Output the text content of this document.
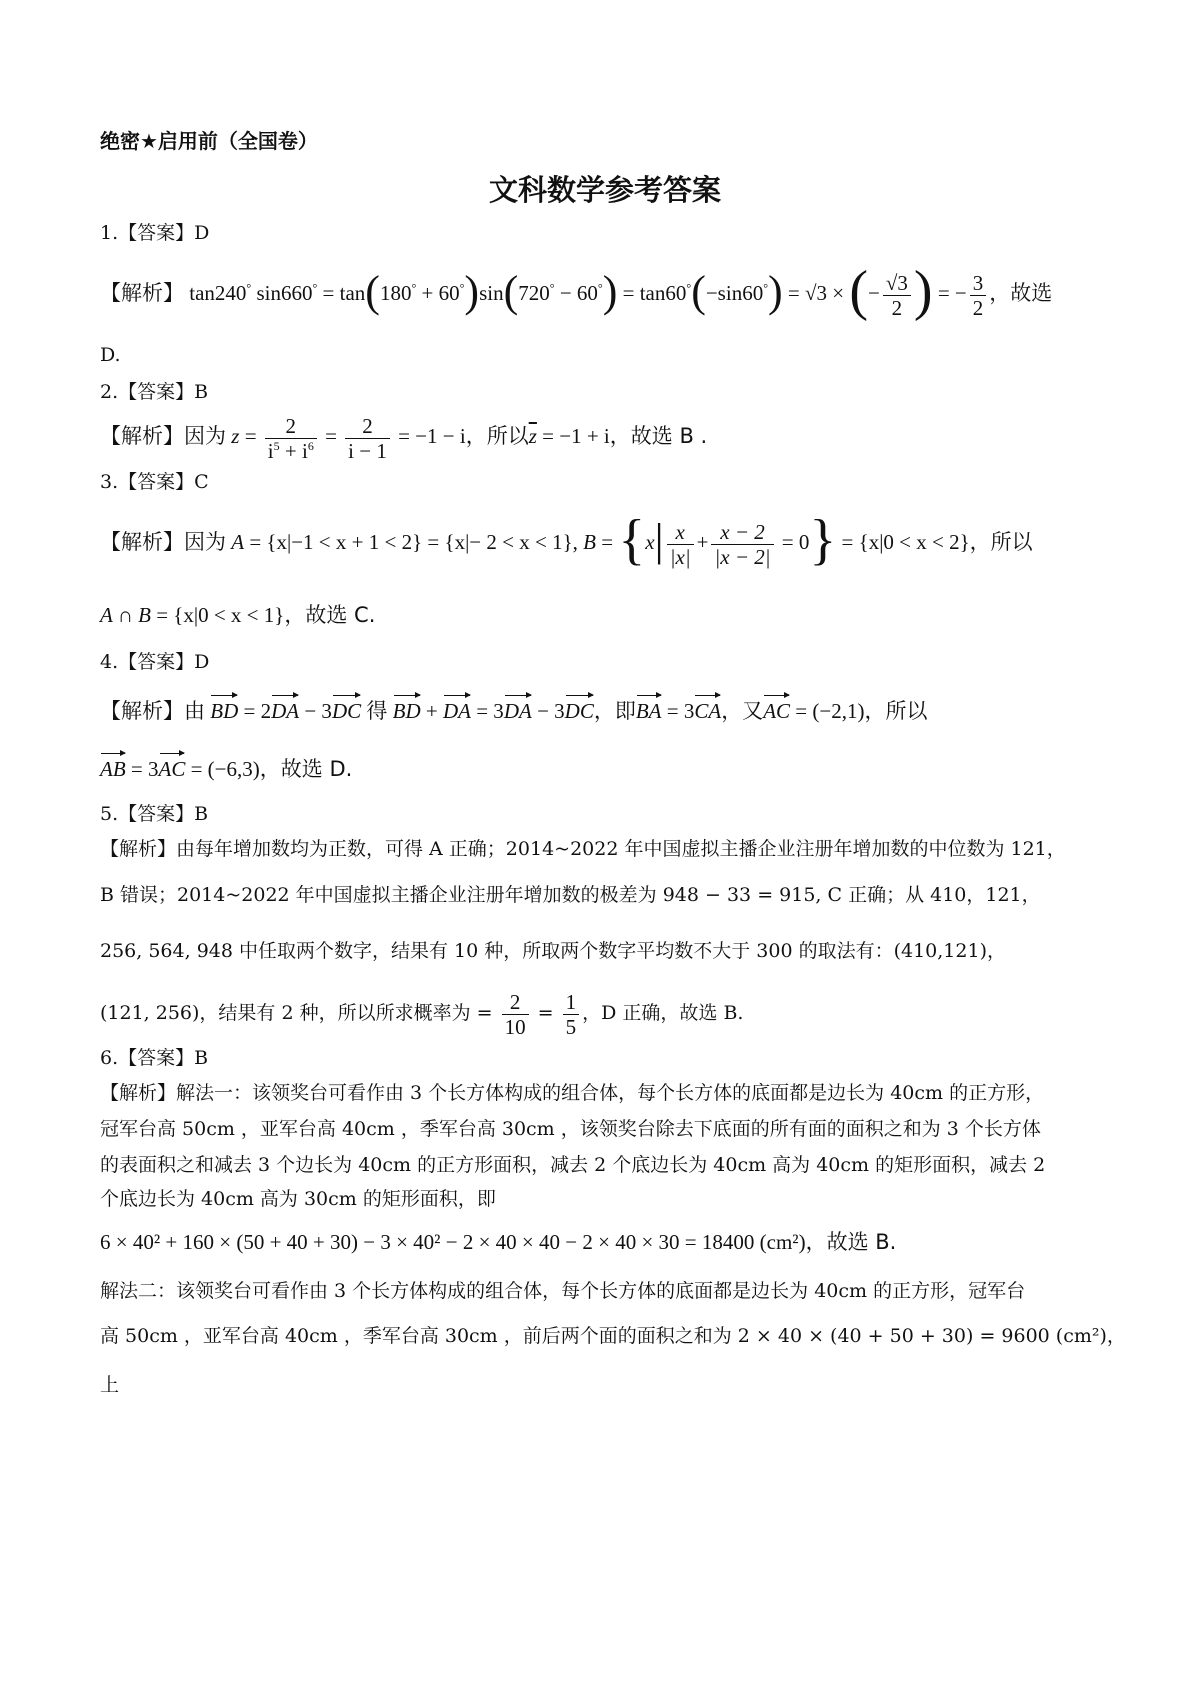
绝密★启用前（全国卷）
文科数学参考答案
1.【答案】D
【解析】 tan240° sin660° = tan(180° + 60°)sin(720° − 60°) = tan60°(−sin60°) = √3 × (− $\frac{√3}{2}$ ) = − $\frac{3}{2}$ ，故选
D.
2.【答案】B
【解析】因为 $z = \frac{2}{i^5 + i^6} = \frac{2}{i - 1} = -1 - i$，所以$\overline{z} = -1 + i$，故选 B .
3.【答案】C
【解析】因为 A = {x|−1 < x + 1 < 2} = {x|− 2 < x < 1}, $B = \{x| \frac{x}{|x|} + \frac{x - 2}{|x - 2|} = 0\} = \{x|0 < x < 2\}$，所以
A ∩ B = {x|0 < x < 1}，故选 C.
4.【答案】D
【解析】由 BD = 2DA − 3DC 得 BD + DA = 3DA − 3DC，即BA = 3CA，又AC = (−2,1)，所以
AB = 3AC = (−6,3)，故选 D.
5.【答案】B
【解析】由每年增加数均为正数，可得 A 正确；2014~2022 年中国虚拟主播企业注册年增加数的中位数为 121，
B 错误；2014~2022 年中国虚拟主播企业注册年增加数的极差为 948 − 33 = 915, C 正确；从 410，121，
256, 564, 948 中任取两个数字，结果有 10 种，所取两个数字平均数不大于 300 的取法有：(410,121)，
(121, 256)，结果有 2 种，所以所求概率为 = $\frac{2}{10} = \frac{1}{5}$ ，D 正确，故选 B.
6.【答案】B
【解析】解法一：该领奖台可看作由 3 个长方体构成的组合体，每个长方体的底面都是边长为 40cm 的正方形，
冠军台高 50cm ，亚军台高 40cm ，季军台高 30cm ，该领奖台除去下底面的所有面的面积之和为 3 个长方体
的表面积之和减去 3 个边长为 40cm 的正方形面积，减去 2 个底边长为 40cm 高为 40cm 的矩形面积，减去 2
个底边长为 40cm 高为 30cm 的矩形面积，即
6 × 40² + 160 × (50 + 40 + 30) − 3 × 40² − 2 × 40 × 40 − 2 × 40 × 30 = 18400 (cm²)，故选 B.
解法二：该领奖台可看作由 3 个长方体构成的组合体，每个长方体的底面都是边长为 40cm 的正方形，冠军台
高 50cm ，亚军台高 40cm ，季军台高 30cm ，前后两个面的面积之和为 2 × 40 × (40 + 50 + 30) = 9600 (cm²)，
上
